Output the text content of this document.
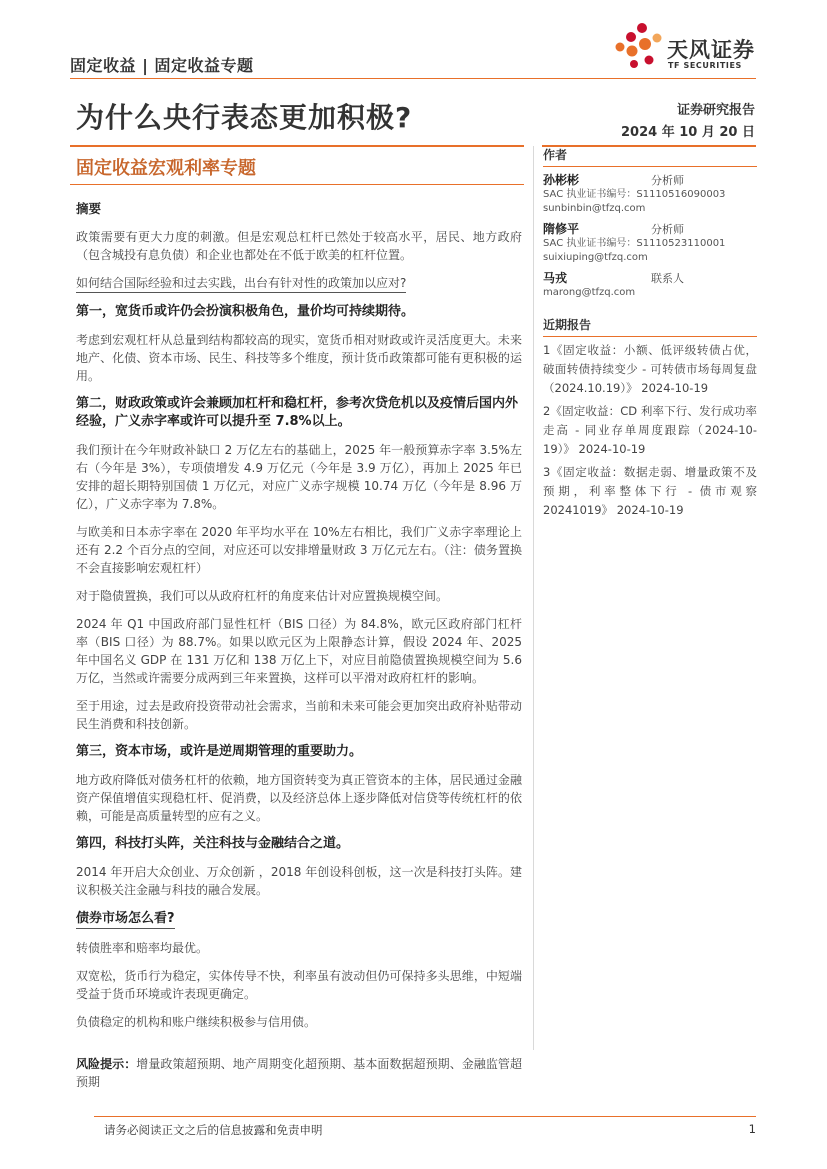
固定收益 | 固定收益专题
天风证券
TF SECURITIES
为什么央行表态更加积极?	证券研究报告
2024 年 10 月 20 日
固定收益宏观利率专题
摘要

政策需要有更大力度的刺激。但是宏观总杠杆已然处于较高水平，居民、地方政府（包含城投有息负债）和企业也都处在不低于欧美的杠杆位置。

如何结合国际经验和过去实践，出台有针对性的政策加以应对?
第一，宽货币或许仍会扮演积极角色，量价均可持续期待。

考虑到宏观杠杆从总量到结构都较高的现实，宽货币相对财政或许灵活度更大。未来地产、化债、资本市场、民生、科技等多个维度，预计货币政策都可能有更积极的运用。

第二，财政政策或许会兼顾加杠杆和稳杠杆，参考次贷危机以及疫情后国内外经验，广义赤字率或许可以提升至 7.8%以上。

我们预计在今年财政补缺口 2 万亿左右的基础上，2025 年一般预算赤字率 3.5%左右（今年是 3%），专项债增发 4.9 万亿元（今年是 3.9 万亿），再加上 2025 年已安排的超长期特别国债 1 万亿元，对应广义赤字规模 10.74 万亿（今年是 8.96 万亿），广义赤字率为 7.8%。

与欧美和日本赤字率在 2020 年平均水平在 10%左右相比，我们广义赤字率理论上还有 2.2 个百分点的空间，对应还可以安排增量财政 3 万亿元左右。（注：债务置换不会直接影响宏观杠杆）

对于隐债置换，我们可以从政府杠杆的角度来估计对应置换规模空间。

2024 年 Q1 中国政府部门显性杠杆（BIS 口径）为 84.8%，欧元区政府部门杠杆率（BIS 口径）为 88.7%。如果以欧元区为上限静态计算，假设 2024 年、2025 年中国名义 GDP 在 131 万亿和 138 万亿上下，对应目前隐债置换规模空间为 5.6 万亿，当然或许需要分成两到三年来置换，这样可以平滑对政府杠杆的影响。

至于用途，过去是政府投资带动社会需求，当前和未来可能会更加突出政府补贴带动民生消费和科技创新。

第三，资本市场，或许是逆周期管理的重要助力。

地方政府降低对债务杠杆的依赖，地方国资转变为真正管资本的主体，居民通过金融资产保值增值实现稳杠杆、促消费，以及经济总体上逐步降低对信贷等传统杠杆的依赖，可能是高质量转型的应有之义。

第四，科技打头阵，关注科技与金融结合之道。

2014 年开启大众创业、万众创新 ，2018 年创设科创板，这一次是科技打头阵。建议积极关注金融与科技的融合发展。

债券市场怎么看?

转债胜率和赔率均最优。

双宽松，货币行为稳定，实体传导不快，利率虽有波动但仍可保持多头思维，中短端受益于货币环境或许表现更确定。

负债稳定的机构和账户继续积极参与信用债。

风险提示：增量政策超预期、地产周期变化超预期、基本面数据超预期、金融监管超预期

作者
孙彬彬	分析师
SAC 执业证书编号：S1110516090003
sunbinbin@tfzq.com
隋修平	分析师
SAC 执业证书编号：S1110523110001
suixiuping@tfzq.com
马戎	联系人
marong@tfzq.com
近期报告
1《固定收益：小额、低评级转债占优，破面转债持续变少 - 可转债市场每周复盘（2024.10.19）》 2024-10-19
2《固定收益：CD 利率下行、发行成功率走高 - 同业存单周度跟踪（2024-10-19）》 2024-10-19
3《固定收益：数据走弱、增量政策不及预期，利率整体下行 - 债市观察 20241019》 2024-10-19
请务必阅读正文之后的信息披露和免责申明	1
